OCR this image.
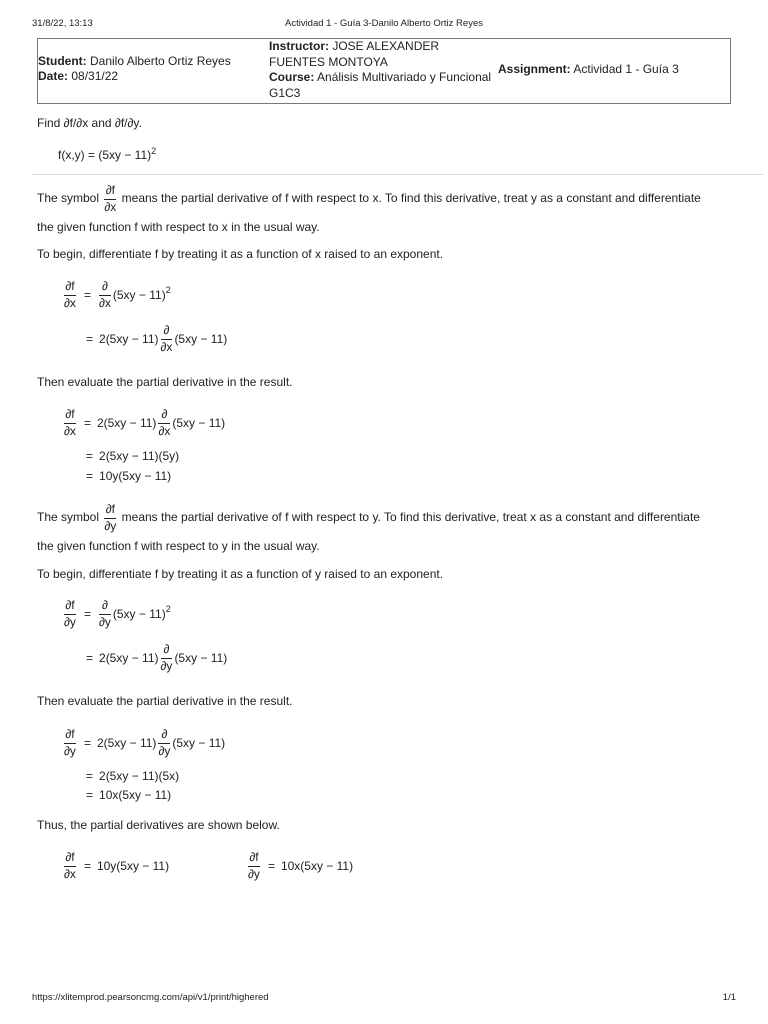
31/8/22, 13:13	Actividad 1 - Guía 3-Danilo Alberto Ortiz Reyes
Student: Danilo Alberto Ortiz Reyes
Date: 08/31/22
Instructor: JOSE ALEXANDER
FUENTES MONTOYA
Course: Análisis Multivariado y Funcional
G1C3
Assignment: Actividad 1 - Guía 3
Find ∂f/∂x and ∂f/∂y.
$f(x,y) = (5xy - 11)^2$
The symbol $\frac{\partial f}{\partial x}$ means the partial derivative of f with respect to x. To find this derivative, treat y as a constant and differentiate
the given function f with respect to x in the usual way.
To begin, differentiate f by treating it as a function of x raised to an exponent.
$\frac{\partial f}{\partial x} = \frac{\partial}{\partial x} (5xy - 11)^2$
= $2(5xy - 11) \frac{\partial}{\partial x} (5xy - 11)$
Then evaluate the partial derivative in the result.
$\frac{\partial f}{\partial x} = 2(5xy - 11) \frac{\partial}{\partial x} (5xy - 11)$
= 2(5xy − 11)(5y)
= 10y(5xy − 11)
The symbol $\frac{\partial f}{\partial y}$ means the partial derivative of f with respect to y. To find this derivative, treat x as a constant and differentiate
the given function f with respect to y in the usual way.
To begin, differentiate f by treating it as a function of y raised to an exponent.
$\frac{\partial f}{\partial y} = \frac{\partial}{\partial y} (5xy - 11)^2$
= $2(5xy - 11) \frac{\partial}{\partial y} (5xy - 11)$
Then evaluate the partial derivative in the result.
$\frac{\partial f}{\partial y} = 2(5xy - 11) \frac{\partial}{\partial y} (5xy - 11)$
= 2(5xy − 11)(5x)
= 10x(5xy − 11)
Thus, the partial derivatives are shown below.
$\frac{\partial f}{\partial x} = 10y(5xy - 11)$	$\frac{\partial f}{\partial y} = 10x(5xy - 11)$
https://xlitemprod.pearsoncmg.com/api/v1/print/highered	1/1
